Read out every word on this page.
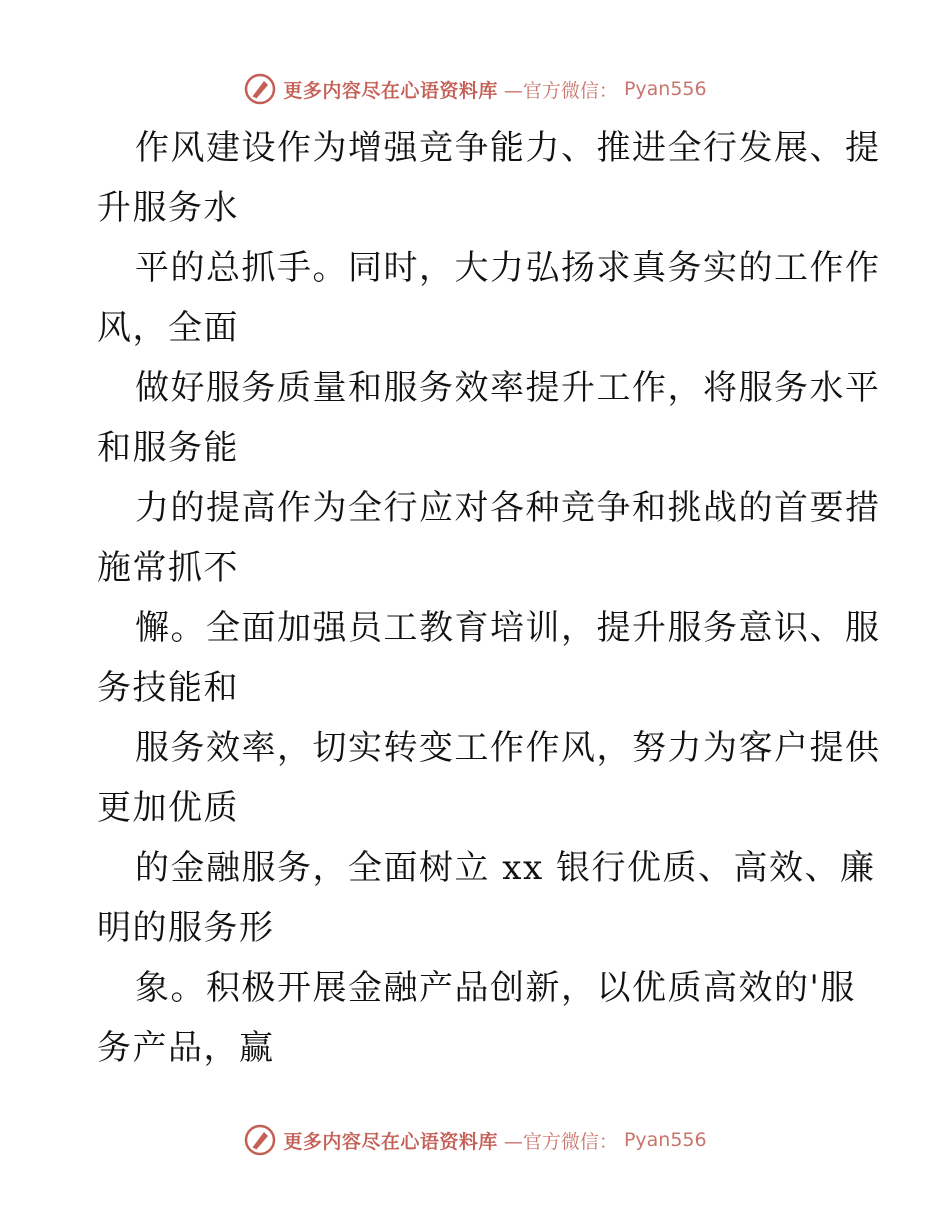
更多内容尽在心语资料库 —官方微信： Pyan556
作风建设作为增强竞争能力、推进全行发展、提
升服务水
平的总抓手。同时，大力弘扬求真务实的工作作
风，全面
做好服务质量和服务效率提升工作，将服务水平
和服务能
力的提高作为全行应对各种竞争和挑战的首要措
施常抓不
懈。全面加强员工教育培训，提升服务意识、服
务技能和
服务效率，切实转变工作作风，努力为客户提供
更加优质
的金融服务，全面树立 xx 银行优质、高效、廉
明的服务形
象。积极开展金融产品创新，以优质高效的'服
务产品，赢
更多内容尽在心语资料库 —官方微信： Pyan556
